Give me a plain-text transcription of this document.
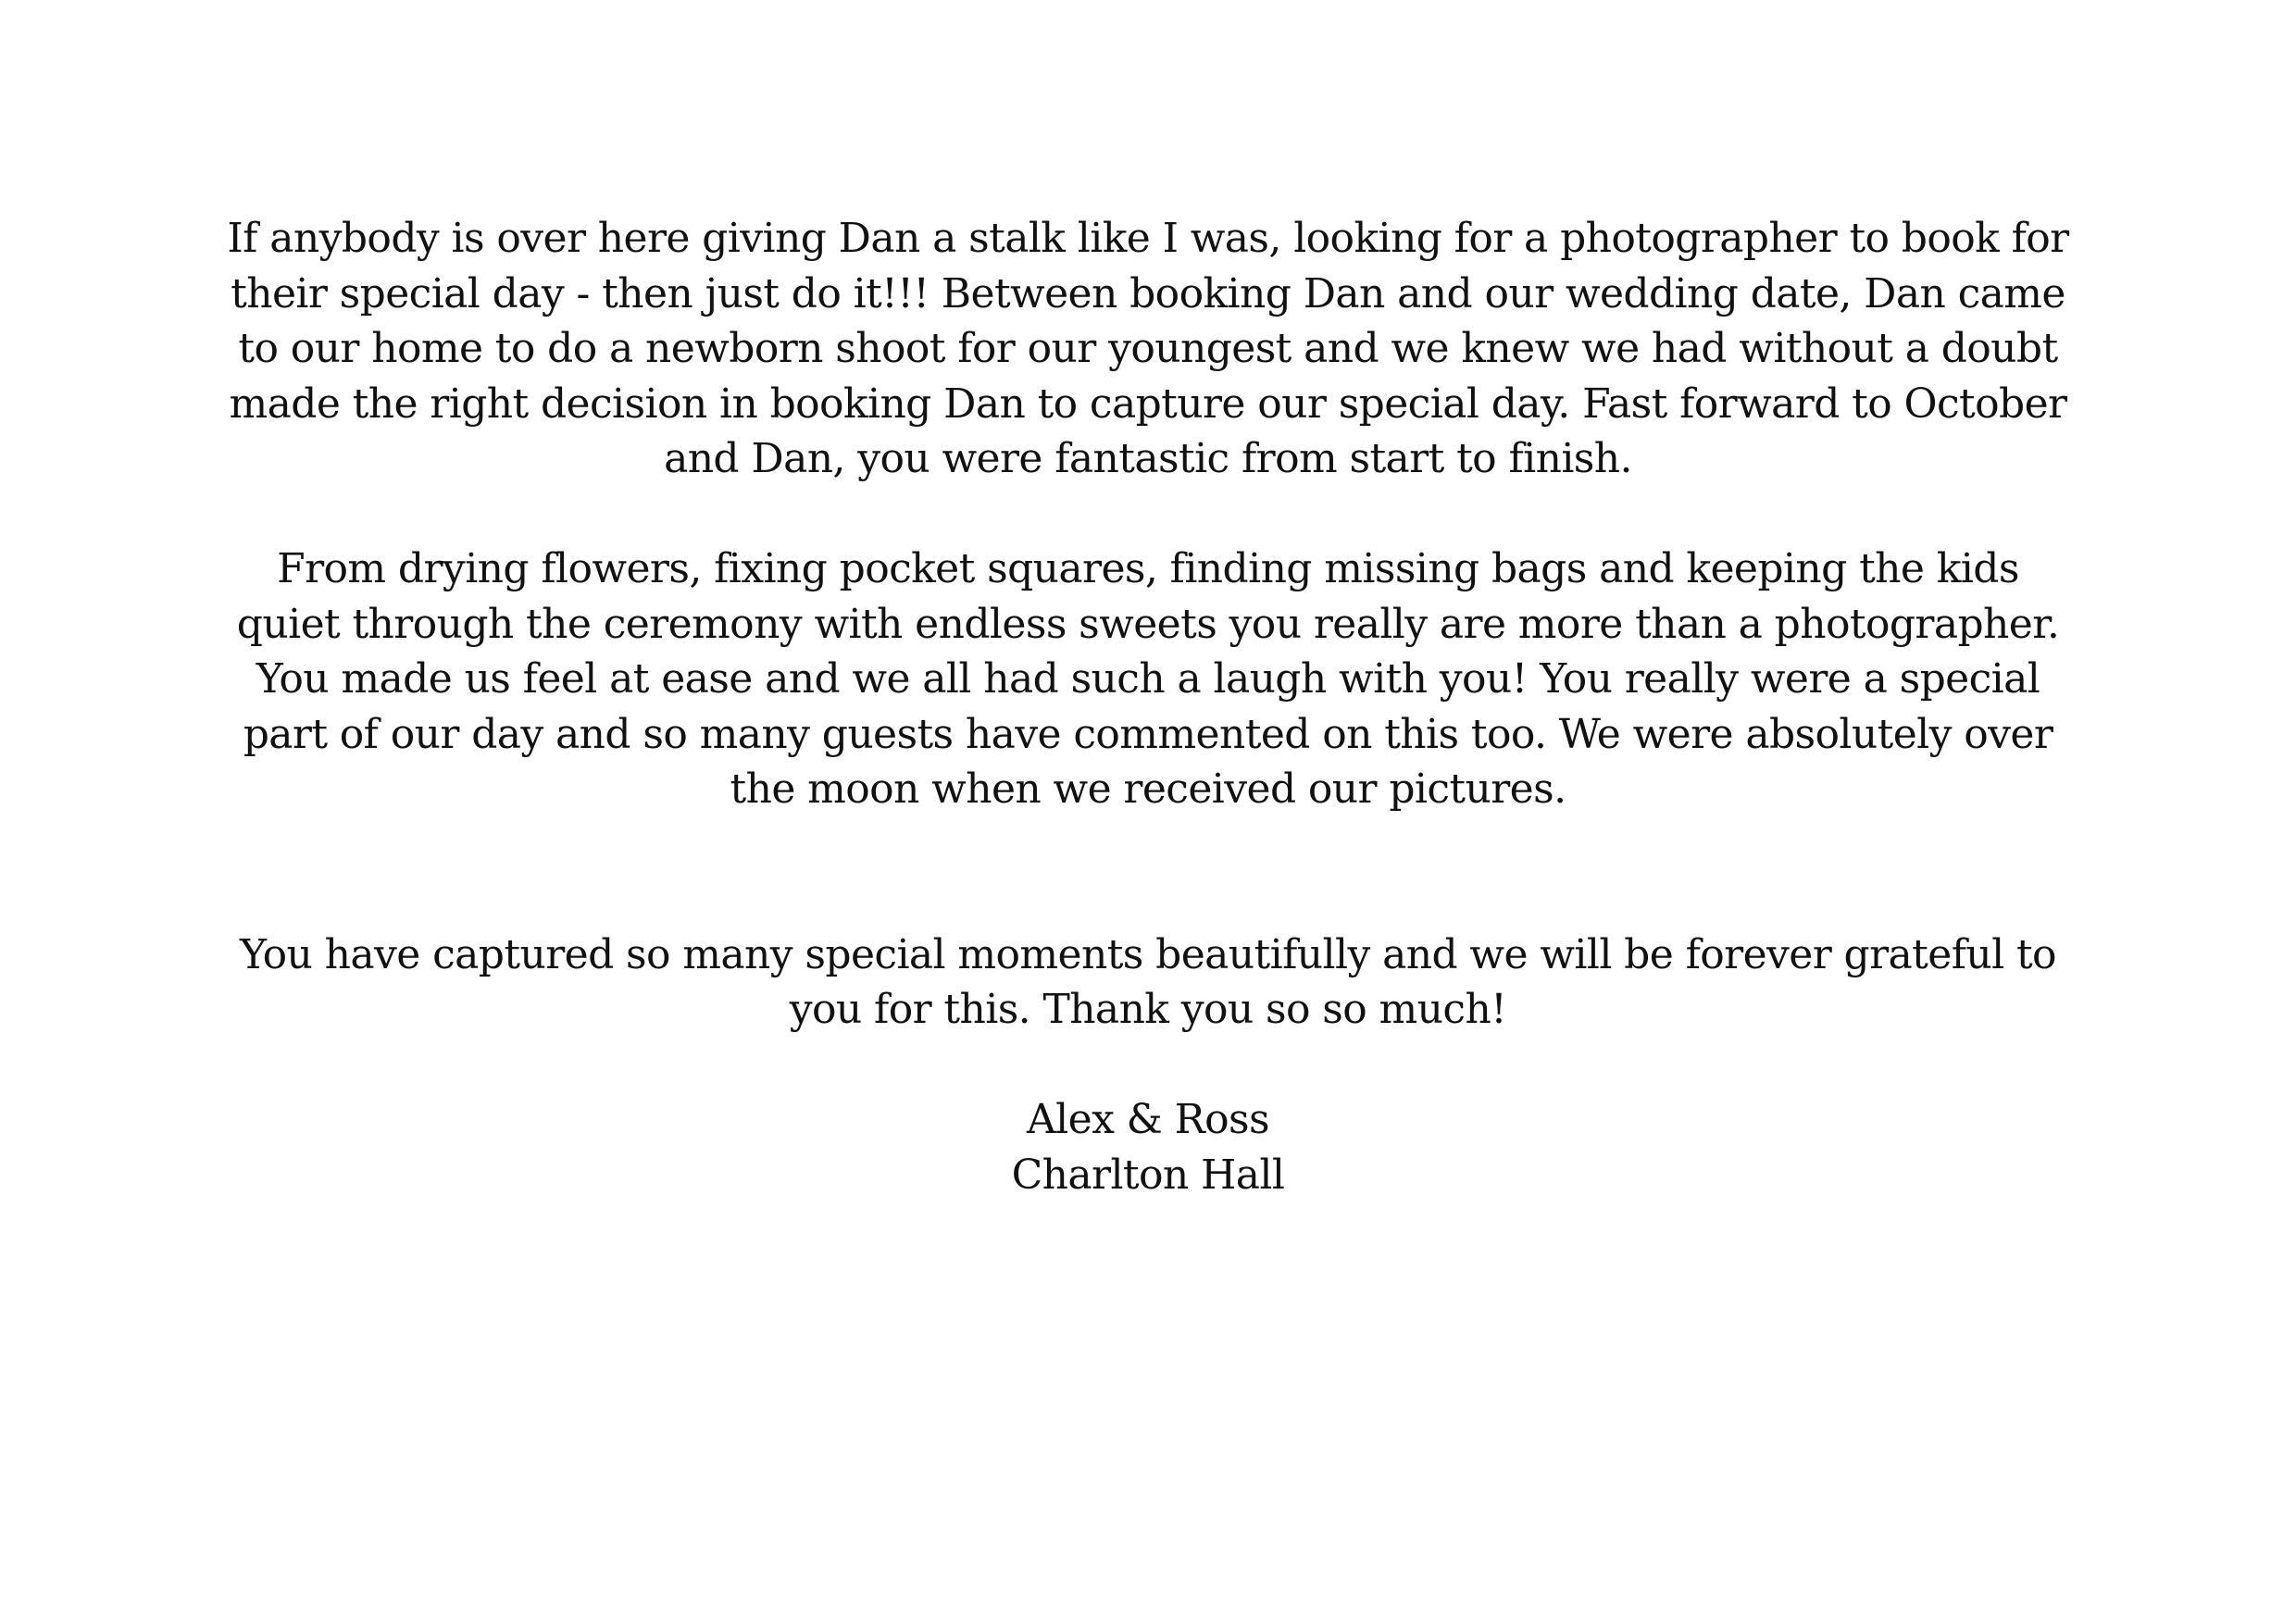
If anybody is over here giving Dan a stalk like I was, looking for a photographer to book for their special day - then just do it!!! Between booking Dan and our wedding date, Dan came to our home to do a newborn shoot for our youngest and we knew we had without a doubt made the right decision in booking Dan to capture our special day. Fast forward to October and Dan, you were fantastic from start to finish.

From drying flowers, fixing pocket squares, finding missing bags and keeping the kids quiet through the ceremony with endless sweets you really are more than a photographer. You made us feel at ease and we all had such a laugh with you! You really were a special part of our day and so many guests have commented on this too. We were absolutely over the moon when we received our pictures.

You have captured so many special moments beautifully and we will be forever grateful to you for this. Thank you so so much!

Alex & Ross
Charlton Hall
